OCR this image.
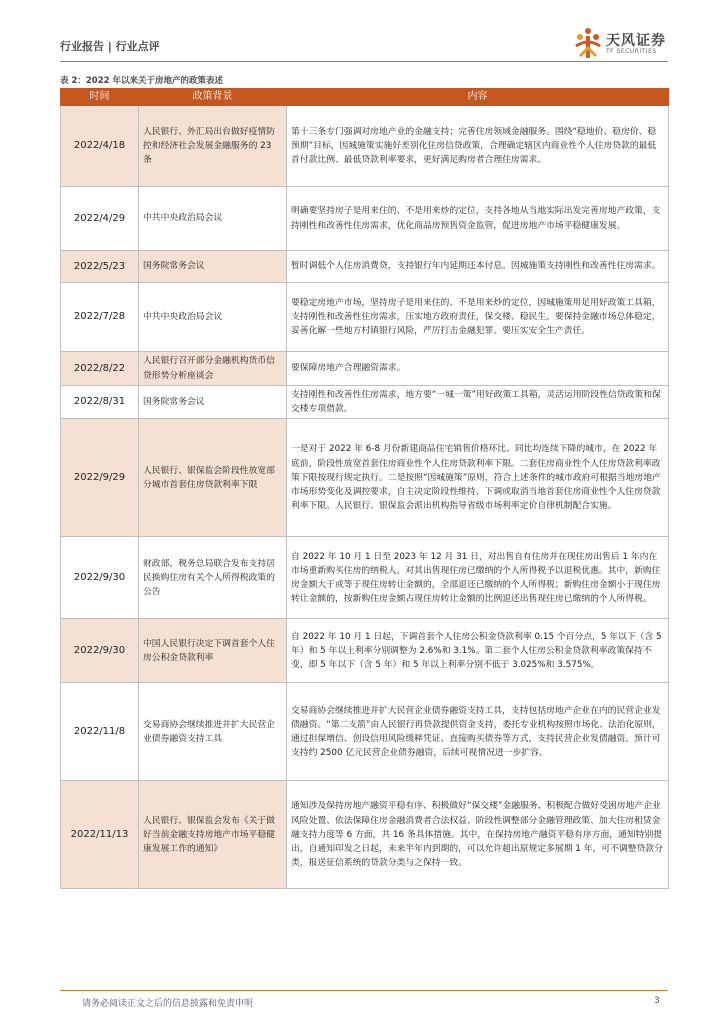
行业报告 | 行业点评	天风证券
TF SECURITIES
表 2：2022 年以来关于房地产的政策表述
时间	政策背景	内容
2022/4/18	人民银行、外汇局出台做好疫情防控和经济社会发展金融服务的 23 条	第十三条专门强调对房地产业的金融支持；完善住房领域金融服务。围绕“稳地价、稳房价、稳预期”目标，因城施策实施好差别化住房信贷政策，合理确定辖区内商业性个人住房贷款的最低首付款比例、最低贷款利率要求，更好满足购房者合理住房需求。
2022/4/29	中共中央政治局会议	明确要坚持房子是用来住的、不是用来炒的定位，支持各地从当地实际出发完善房地产政策，支持刚性和改善性住房需求，优化商品房预售资金监管，促进房地产市场平稳健康发展。
2022/5/23	国务院常务会议	暂时调低个人住房消费贷，支持银行年内延期还本付息。因城施策支持刚性和改善性住房需求。
2022/7/28	中共中央政治局会议	要稳定房地产市场，坚持房子是用来住的、不是用来炒的定位，因城施策用足用好政策工具箱，支持刚性和改善性住房需求，压实地方政府责任，保交楼、稳民生。要保持金融市场总体稳定，妥善化解一些地方村镇银行风险，严厉打击金融犯罪。要压实安全生产责任。
2022/8/22	人民银行召开部分金融机构货币信贷形势分析座谈会	要保障房地产合理融资需求。
2022/8/31	国务院常务会议	支持刚性和改善性住房需求，地方要“一城一策”用好政策工具箱，灵活运用阶段性信贷政策和保交楼专项借款。
2022/9/29	人民银行、银保监会阶段性放宽部分城市首套住房贷款利率下限	一是对于 2022 年 6-8 月份新建商品住宅销售价格环比、同比均连续下降的城市，在 2022 年底前，阶段性放宽首套住房商业性个人住房贷款利率下限。二套住房商业性个人住房贷款利率政策下限按现行规定执行。二是按照“因城施策”原则，符合上述条件的城市政府可根据当地房地产市场形势变化及调控要求，自主决定阶段性维持、下调或取消当地首套住房商业性个人住房贷款利率下限。人民银行、银保监会派出机构指导省级市场利率定价自律机制配合实施。
2022/9/30	财政部、税务总局联合发布支持居民换购住房有关个人所得税政策的公告	自 2022 年 10 月 1 日至 2023 年 12 月 31 日，对出售自有住房并在现住房出售后 1 年内在市场重新购买住房的纳税人，对其出售现住房已缴纳的个人所得税予以退税优惠。其中，新购住房金额大于或等于现住房转让金额的，全部退还已缴纳的个人所得税；新购住房金额小于现住房转让金额的，按新购住房金额占现住房转让金额的比例退还出售现住房已缴纳的个人所得税。
2022/9/30	中国人民银行决定下调首套个人住房公积金贷款利率	自 2022 年 10 月 1 日起，下调首套个人住房公积金贷款利率 0.15 个百分点，5 年以下（含 5 年）和 5 年以上利率分别调整为 2.6%和 3.1%。第二套个人住房公积金贷款利率政策保持不变，即 5 年以下（含 5 年）和 5 年以上利率分别不低于 3.025%和 3.575%。
2022/11/8	交易商协会继续推进并扩大民营企业债券融资支持工具	交易商协会继续推进并扩大民营企业债券融资支持工具，支持包括房地产企业在内的民营企业发债融资。“第二支箭”由人民银行再贷款提供资金支持，委托专业机构按照市场化、法治化原则，通过担保增信、创设信用风险缓释凭证、直接购买债券等方式，支持民营企业发债融资。预计可支持约 2500 亿元民营企业债券融资，后续可视情况进一步扩容。
2022/11/13	人民银行、银保监会发布《关于做好当前金融支持房地产市场平稳健康发展工作的通知》	通知涉及保持房地产融资平稳有序、积极做好“保交楼”金融服务、积极配合做好受困房地产企业风险处置、依法保障住房金融消费者合法权益、阶段性调整部分金融管理政策、加大住房租赁金融支持力度等 6 方面，共 16 条具体措施。其中，在保持房地产融资平稳有序方面，通知特别提出，自通知印发之日起，未来半年内到期的，可以允许超出原规定多展期 1 年，可不调整贷款分类，报送征信系统的贷款分类与之保持一致。
请务必阅读正文之后的信息披露和免责申明	3
